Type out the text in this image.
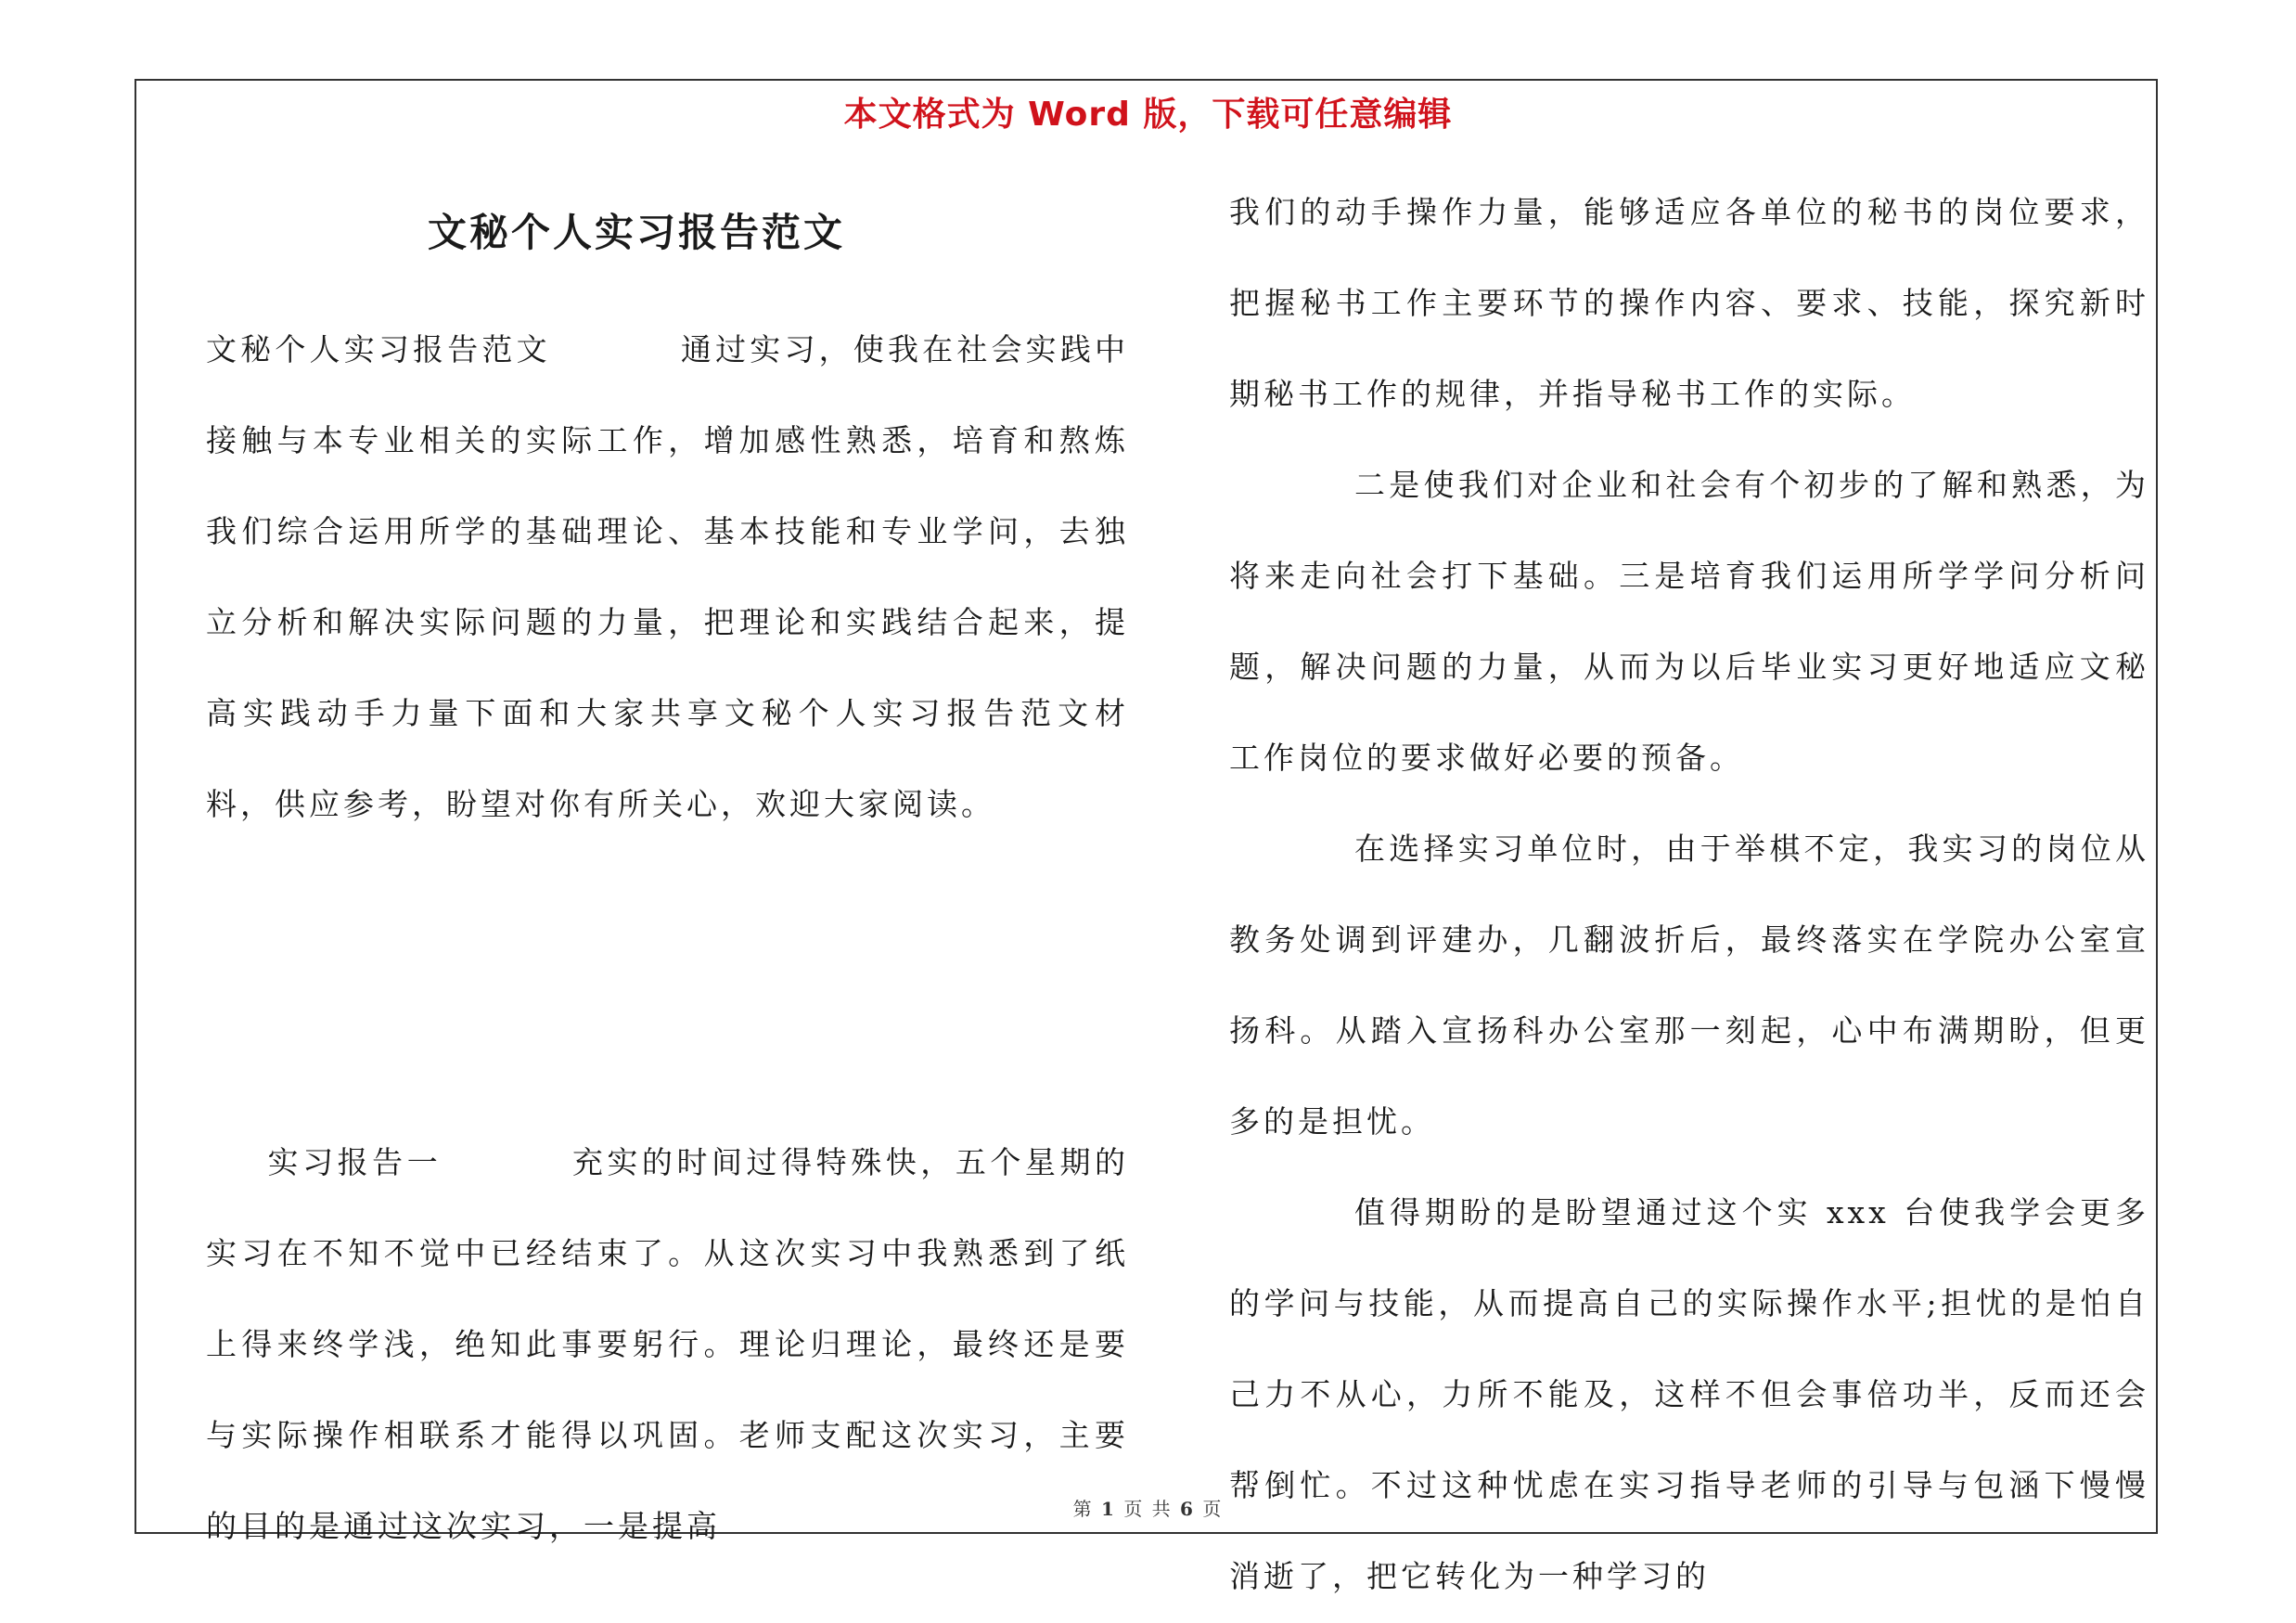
本文格式为 Word 版，下载可任意编辑
文秘个人实习报告范文
文秘个人实习报告范文	通过实习，使我在社会实践中接触与本专业相关的实际工作，增加感性熟悉，培育和熬炼我们综合运用所学的基础理论、基本技能和专业学问，去独立分析和解决实际问题的力量，把理论和实践结合起来，提高实践动手力量下面和大家共享文秘个人实习报告范文材料，供应参考，盼望对你有所关心，欢迎大家阅读。
实习报告一	充实的时间过得特殊快，五个星期的实习在不知不觉中已经结束了。从这次实习中我熟悉到了纸上得来终学浅，绝知此事要躬行。理论归理论，最终还是要与实际操作相联系才能得以巩固。老师支配这次实习，主要的目的是通过这次实习，一是提高

我们的动手操作力量，能够适应各单位的秘书的岗位要求，把握秘书工作主要环节的操作内容、要求、技能，探究新时期秘书工作的规律，并指导秘书工作的实际。

二是使我们对企业和社会有个初步的了解和熟悉，为将来走向社会打下基础。三是培育我们运用所学学问分析问题，解决问题的力量，从而为以后毕业实习更好地适应文秘工作岗位的要求做好必要的预备。

在选择实习单位时，由于举棋不定，我实习的岗位从教务处调到评建办，几翻波折后，最终落实在学院办公室宣扬科。从踏入宣扬科办公室那一刻起，心中布满期盼，但更多的是担忧。

值得期盼的是盼望通过这个实 xxx 台使我学会更多的学问与技能，从而提高自己的实际操作水平;担忧的是怕自己力不从心，力所不能及，这样不但会事倍功半，反而还会帮倒忙。不过这种忧虑在实习指导老师的引导与包涵下慢慢消逝了，把它转化为一种学习的

第 1 页 共 6 页
